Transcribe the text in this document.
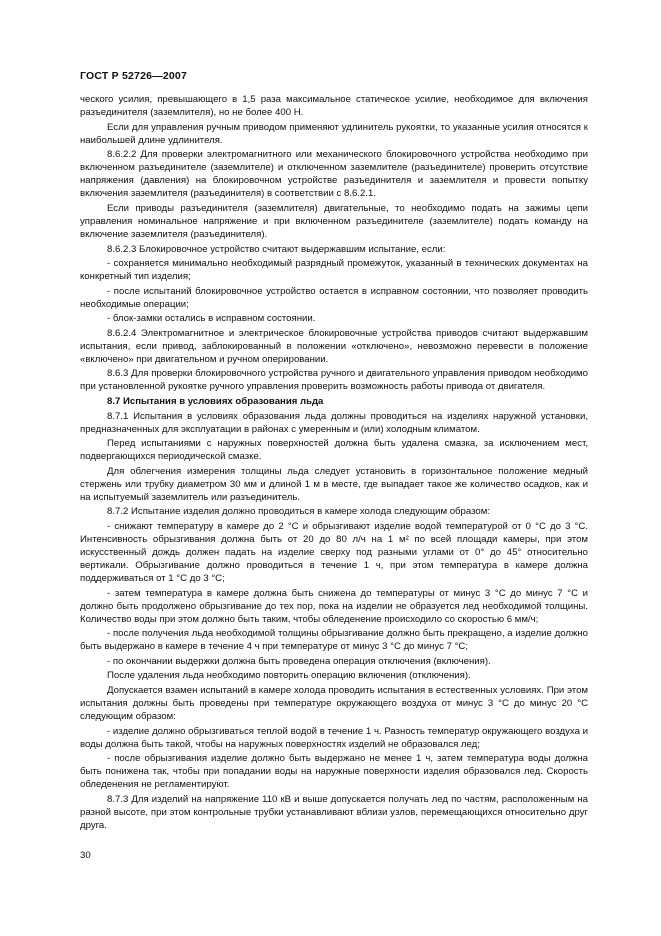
ГОСТ Р 52726—2007

ческого усилия, превышающего в 1,5 раза максимальное статическое усилие, необходимое для включения разъединителя (заземлителя), но не более 400 Н.

Если для управления ручным приводом применяют удлинитель рукоятки, то указанные усилия относятся к наибольшей длине удлинителя.

8.6.2.2 Для проверки электромагнитного или механического блокировочного устройства необходимо при включенном разъединителе (заземлителе) и отключенном заземлителе (разъединителе) проверить отсутствие напряжения (давления) на блокировочном устройстве разъединителя и заземлителя и провести попытку включения заземлителя (разъединителя) в соответствии с 8.6.2.1.

Если приводы разъединителя (заземлителя) двигательные, то необходимо подать на зажимы цепи управления номинальное напряжение и при включенном разъединителе (заземлителе) подать команду на включение заземлителя (разъединителя).

8.6.2.3 Блокировочное устройство считают выдержавшим испытание, если:

- сохраняется минимально необходимый разрядный промежуток, указанный в технических документах на конкретный тип изделия;

- после испытаний блокировочное устройство остается в исправном состоянии, что позволяет проводить необходимые операции;

- блок-замки остались в исправном состоянии.

8.6.2.4 Электромагнитное и электрическое блокировочные устройства приводов считают выдержавшим испытания, если привод, заблокированный в положении «отключено», невозможно перевести в положение «включено» при двигательном и ручном оперировании.

8.6.3 Для проверки блокировочного устройства ручного и двигательного управления приводом необходимо при установленной рукоятке ручного управления проверить возможность работы привода от двигателя.

8.7 Испытания в условиях образования льда

8.7.1 Испытания в условиях образования льда должны проводиться на изделиях наружной установки, предназначенных для эксплуатации в районах с умеренным и (или) холодным климатом.

Перед испытаниями с наружных поверхностей должна быть удалена смазка, за исключением мест, подвергающихся периодической смазке.

Для облегчения измерения толщины льда следует установить в горизонтальное положение медный стержень или трубку диаметром 30 мм и длиной 1 м в месте, где выпадает такое же количество осадков, как и на испытуемый заземлитель или разъединитель.

8.7.2 Испытание изделия должно проводиться в камере холода следующим образом:

- снижают температуру в камере до 2 °С и обрызгивают изделие водой температурой от 0 °С до 3 °С. Интенсивность обрызгивания должна быть от 20 до 80 л/ч на 1 м² по всей площади камеры, при этом искусственный дождь должен падать на изделие сверху под разными углами от 0° до 45° относительно вертикали. Обрызгивание должно проводиться в течение 1 ч, при этом температура в камере должна поддерживаться от 1 °С до 3 °С;

- затем температура в камере должна быть снижена до температуры от минус 3 °С до минус 7 °С и должно быть продолжено обрызгивание до тех пор, пока на изделии не образуется лед необходимой толщины. Количество воды при этом должно быть таким, чтобы обледенение происходило со скоростью 6 мм/ч;

- после получения льда необходимой толщины обрызгивание должно быть прекращено, а изделие должно быть выдержано в камере в течение 4 ч при температуре от минус 3 °С до минус 7 °С;

- по окончании выдержки должна быть проведена операция отключения (включения).

После удаления льда необходимо повторить операцию включения (отключения).

Допускается взамен испытаний в камере холода проводить испытания в естественных условиях. При этом испытания должны быть проведены при температуре окружающего воздуха от минус 3 °С до минус 20 °С следующим образом:

- изделие должно обрызгиваться теплой водой в течение 1 ч. Разность температур окружающего воздуха и воды должна быть такой, чтобы на наружных поверхностях изделий не образовался лед;

- после обрызгивания изделие должно быть выдержано не менее 1 ч, затем температура воды должна быть понижена так, чтобы при попадании воды на наружные поверхности изделия образовался лед. Скорость обледенения не регламентируют.

8.7.3 Для изделий на напряжение 110 кВ и выше допускается получать лед по частям, расположенным на разной высоте, при этом контрольные трубки устанавливают вблизи узлов, перемещающихся относительно друг друга.

30
